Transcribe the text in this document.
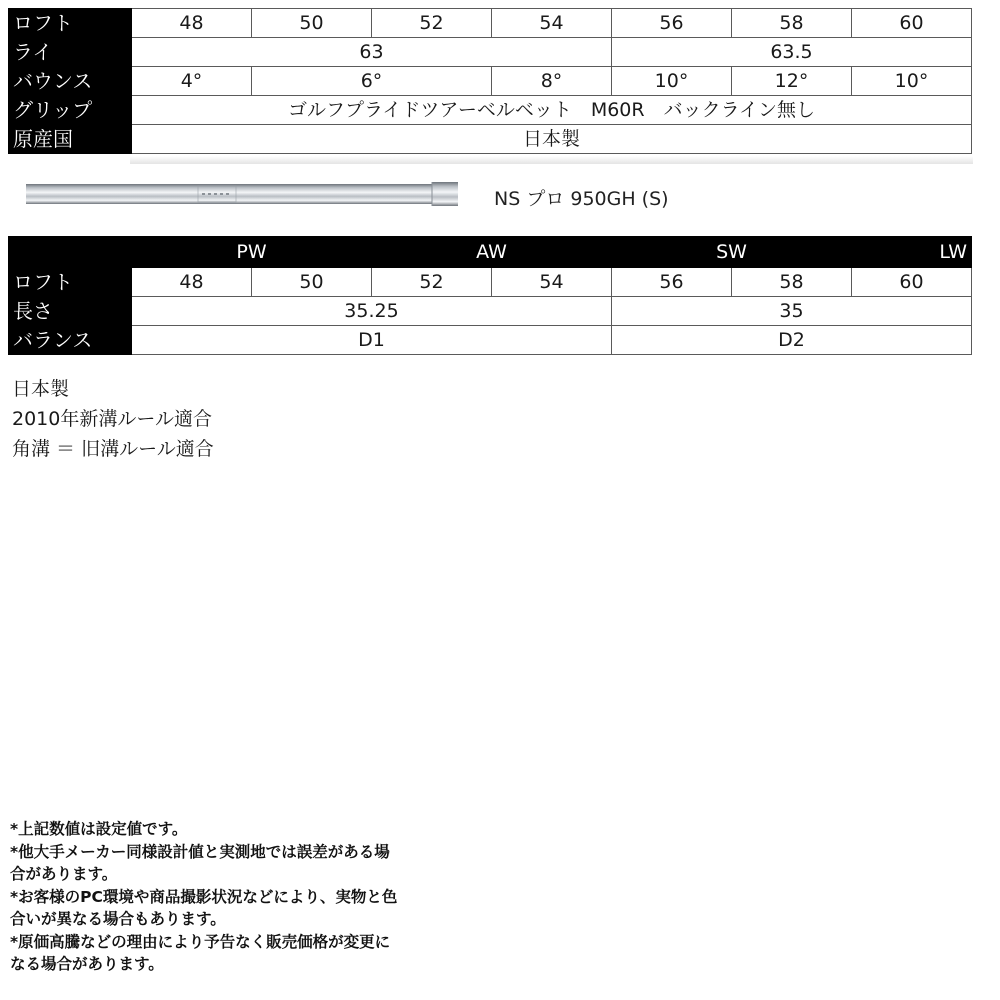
ロフト	48	50	52	54	56	58	60
ライ	63				63.5		
バウンス	4°	6°		8°	10°	12°	10°
グリップ	ゴルフプライドツアーベルベット　M60R　バックライン無し						
原産国	日本製						
NS プロ 950GH (S)
	PW		AW		SW		LW
ロフト	48	50	52	54	56	58	60
長さ	35.25				35		
バランス	D1				D2		
日本製
2010年新溝ルール適合
角溝 ＝ 旧溝ルール適合
*上記数値は設定値です。
*他大手メーカー同様設計値と実測地では誤差がある場
合があります。
*お客様のPC環境や商品撮影状況などにより、実物と色
合いが異なる場合もあります。
*原価高騰などの理由により予告なく販売価格が変更に
なる場合があります。
